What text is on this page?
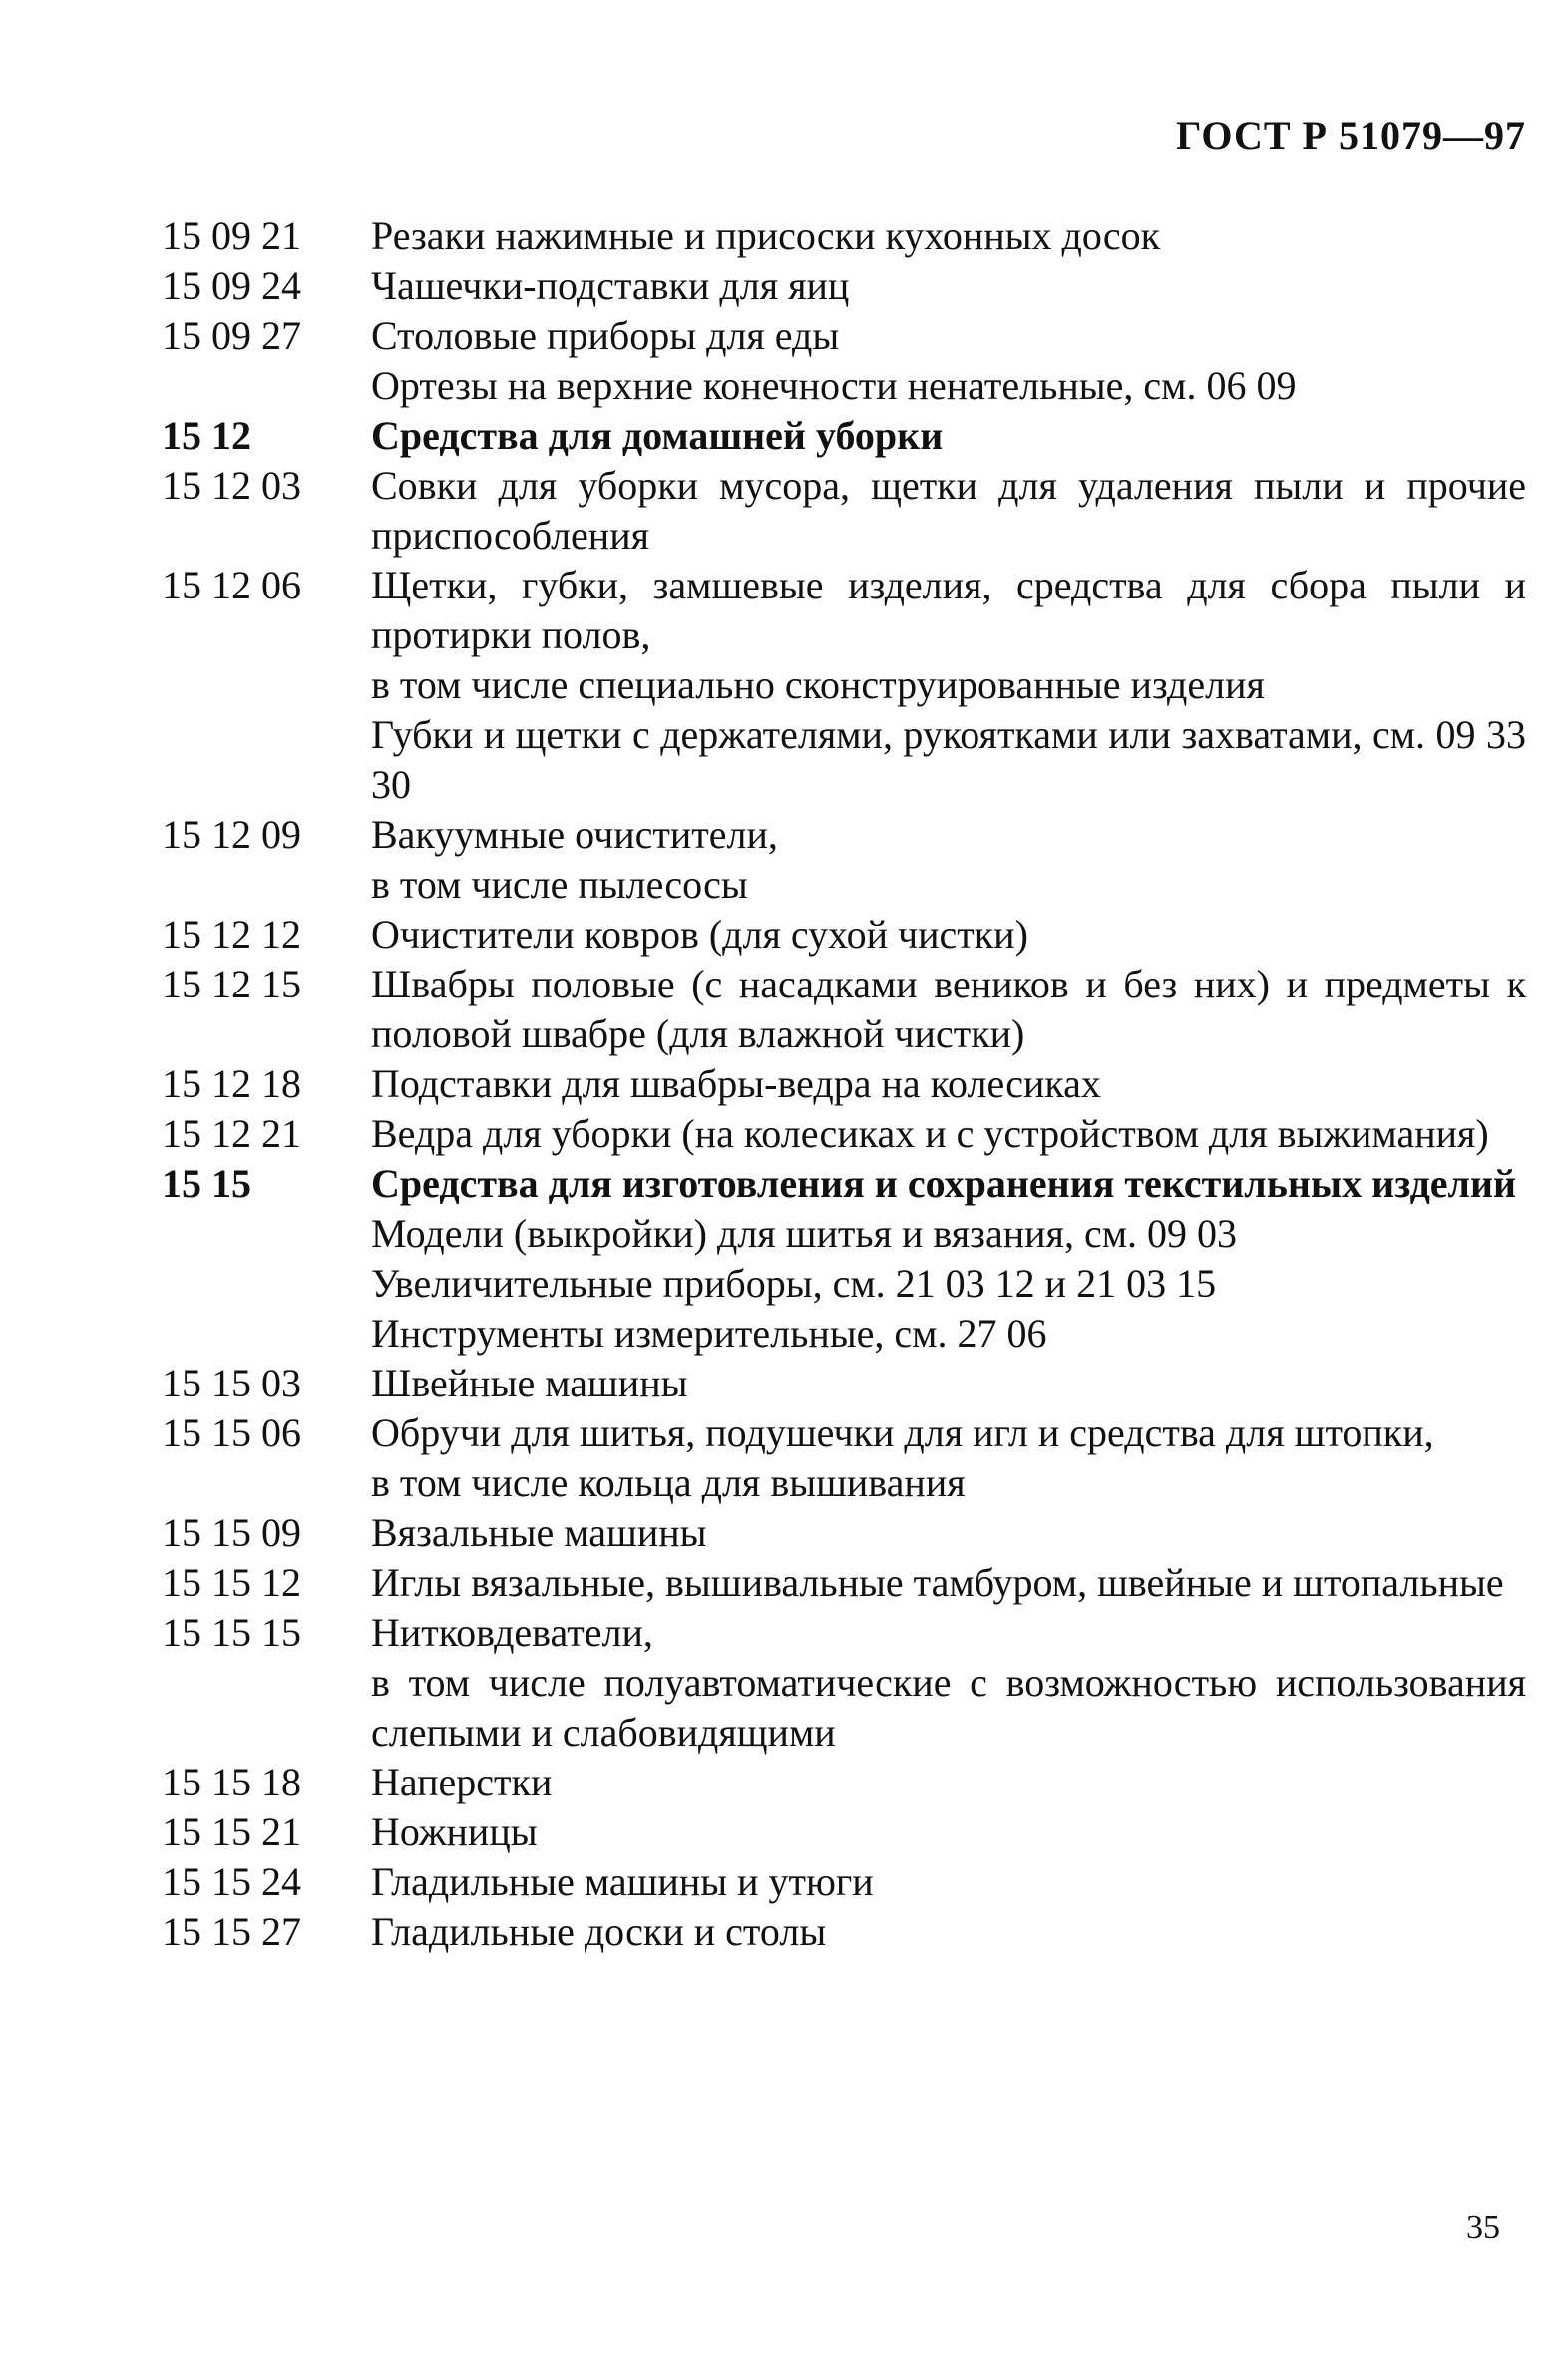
ГОСТ Р 51079—97
15 09 21	Резаки нажимные и присоски кухонных досок
15 09 24	Чашечки-подставки для яиц
15 09 27	Столовые приборы для еды
Ортезы на верхние конечности ненательные, см. 06 09
15 12	Средства для домашней уборки
15 12 03	Совки для уборки мусора, щетки для удаления пыли и прочие приспособления
15 12 06	Щетки, губки, замшевые изделия, средства для сбора пыли и протирки полов,
в том числе специально сконструированные изделия
Губки и щетки с держателями, рукоятками или захватами, см. 09 33 30
15 12 09	Вакуумные очистители,
в том числе пылесосы
15 12 12	Очистители ковров (для сухой чистки)
15 12 15	Швабры половые (с насадками веников и без них) и предметы к половой швабре (для влажной чистки)
15 12 18	Подставки для швабры-ведра на колесиках
15 12 21	Ведра для уборки (на колесиках и с устройством для выжимания)
15 15	Средства для изготовления и сохранения текстильных изделий
Модели (выкройки) для шитья и вязания, см. 09 03
Увеличительные приборы, см. 21 03 12 и 21 03 15
Инструменты измерительные, см. 27 06
15 15 03	Швейные машины
15 15 06	Обручи для шитья, подушечки для игл и средства для штопки,
в том числе кольца для вышивания
15 15 09	Вязальные машины
15 15 12	Иглы вязальные, вышивальные тамбуром, швейные и штопальные
15 15 15	Нитковдеватели,
в том числе полуавтоматические с возможностью использования слепыми и слабовидящими
15 15 18	Наперстки
15 15 21	Ножницы
15 15 24	Гладильные машины и утюги
15 15 27	Гладильные доски и столы
35
